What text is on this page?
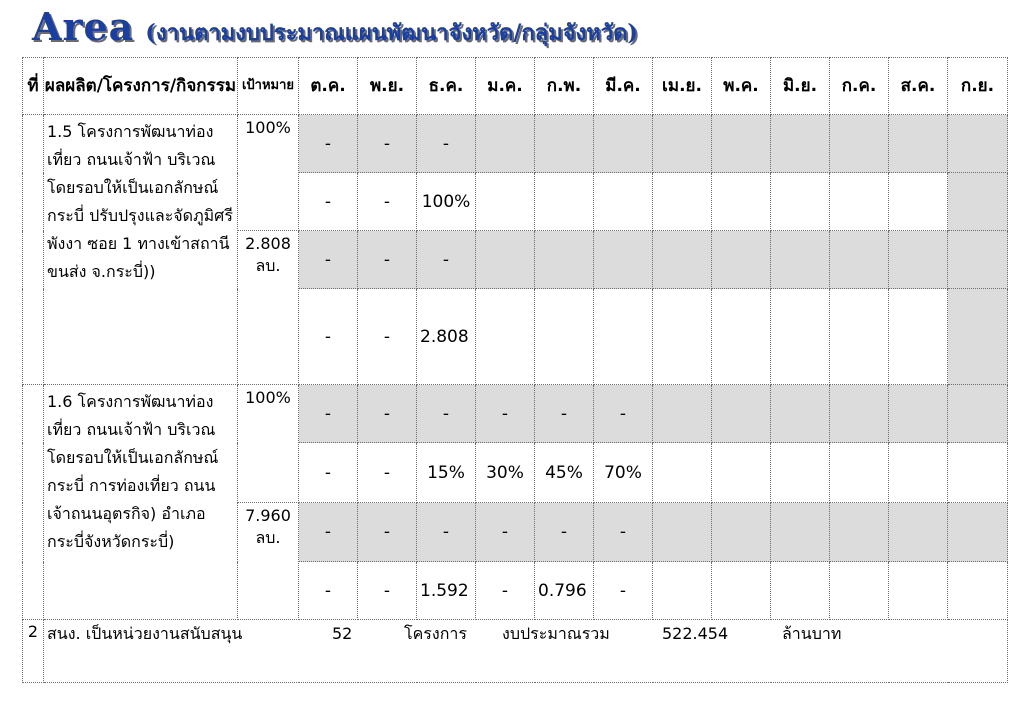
Area (งานตามงบประมาณแผนพัฒนาจังหวัด/กลุ่มจังหวัด)
ที่	ผลผลิต/โครงการ/กิจกรรม	เป้าหมาย	ต.ค.	พ.ย.	ธ.ค.	ม.ค.	ก.พ.	มี.ค.	เม.ย.	พ.ค.	มิ.ย.	ก.ค.	ส.ค.	ก.ย.
	1.5 โครงการพัฒนาท่องเที่ยว ถนนเจ้าฟ้า บริเวณโดยรอบให้เป็นเอกลักษณ์กระบี่ ปรับปรุงและจัดภูมิศรีพังงา ซอย 1 ทางเข้าสถานีขนส่ง จ.กระบี่))	100%	-	-	-									
			-	-	100%									
		2.808 ลบ.	-	-	-									
			-	-	2.808									
	1.6 โครงการพัฒนาท่องเที่ยว ถนนเจ้าฟ้า บริเวณโดยรอบให้เป็นเอกลักษณ์กระบี่ การท่องเที่ยว ถนนเจ้าถนนอุตรกิจ) อำเภอ กระบี่จังหวัดกระบี่)	100%	-	-	-	-	-	-						
			-	-	15%	30%	45%	70%						
		7.960 ลบ.	-	-	-	-	-	-						
			-	-	1.592	-	0.796	-						
2	สนง. เป็นหน่วยงานสนับสนุน 52 โครงการ งบประมาณรวม 522.454 ล้านบาท													
